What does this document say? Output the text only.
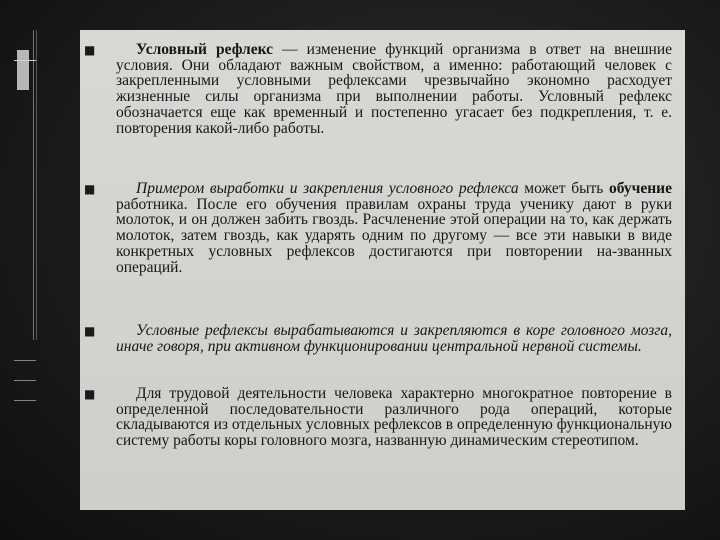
■	Условный рефлекс — изменение функций организма в ответ на внешние условия. Они обладают важным свойством, а именно: работающий человек с закрепленными условными рефлексами чрезвычайно экономно расходует жизненные силы организма при выполнении работы. Условный рефлекс обозначается еще как временный и постепенно угасает без подкрепления, т. е. повторения какой-либо работы.

■	Примером выработки и закрепления условного рефлекса может быть обучение работника. После его обучения правилам охраны труда ученику дают в руки молоток, и он должен забить гвоздь. Расчленение этой операции на то, как держать молоток, затем гвоздь, как ударять одним по другому — все эти навыки в виде конкретных условных рефлексов достигаются при повторении на-званных операций.

■	Условные рефлексы вырабатываются и закрепляются в коре головного мозга, иначе говоря, при активном функционировании центральной нервной системы.

■	Для трудовой деятельности человека характерно многократное повторение в определенной последовательности различного рода операций, которые складываются из отдельных условных рефлексов в определенную функциональную систему работы коры головного мозга, названную динамическим стереотипом.
